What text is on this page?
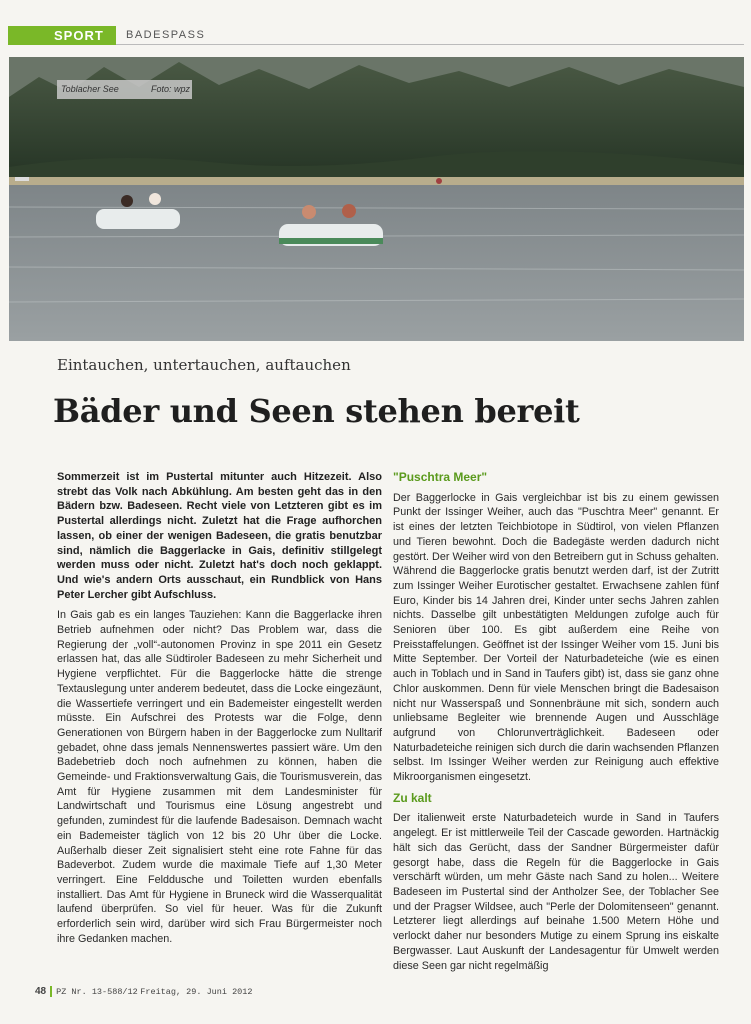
SPORT BADESPASS
Toblacher See	Foto: wpz
Eintauchen, untertauchen, auftauchen
Bäder und Seen stehen bereit

Sommerzeit ist im Pustertal mitunter auch Hitzezeit. Also strebt das Volk nach Abkühlung. Am besten geht das in den Bädern bzw. Badeseen. Recht viele von Letzteren gibt es im Pustertal allerdings nicht. Zuletzt hat die Frage aufhorchen lassen, ob einer der wenigen Badeseen, die gratis benutzbar sind, nämlich die Baggerlacke in Gais, definitiv stillgelegt werden muss oder nicht. Zuletzt hat's doch noch geklappt. Und wie's andern Orts ausschaut, ein Rundblick von Hans Peter Lercher gibt Aufschluss.

In Gais gab es ein langes Tauziehen: Kann die Baggerlacke ihren Betrieb aufnehmen oder nicht? Das Problem war, dass die Regierung der „voll“-autonomen Provinz in spe 2011 ein Gesetz erlassen hat, das alle Südtiroler Badeseen zu mehr Sicherheit und Hygiene verpflichtet. Für die Baggerlocke hätte die strenge Textauslegung unter anderem bedeutet, dass die Locke eingezäunt, die Wassertiefe verringert und ein Bademeister eingestellt werden müsste. Ein Aufschrei des Protests war die Folge, denn Generationen von Bürgern haben in der Baggerlocke zum Nulltarif gebadet, ohne dass jemals Nennenswertes passiert wäre. Um den Badebetrieb doch noch aufnehmen zu können, haben die Gemeinde- und Fraktionsverwaltung Gais, die Tourismusverein, das Amt für Hygiene zusammen mit dem Landesminister für Landwirtschaft und Tourismus eine Lösung angestrebt und gefunden, zumindest für die laufende Badesaison. Demnach wacht ein Bademeister täglich von 12 bis 20 Uhr über die Locke. Außerhalb dieser Zeit signalisiert steht eine rote Fahne für das Badeverbot. Zudem wurde die maximale Tiefe auf 1,30 Meter verringert. Eine Felddusche und Toiletten wurden ebenfalls installiert. Das Amt für Hygiene in Bruneck wird die Wasserqualität laufend überprüfen. So viel für heuer. Was für die Zukunft erforderlich sein wird, darüber wird sich Frau Bürgermeister noch ihre Gedanken machen.

"Puschtra Meer"

Der Baggerlocke in Gais vergleichbar ist bis zu einem gewissen Punkt der Issinger Weiher, auch das "Puschtra Meer" genannt. Er ist eines der letzten Teichbiotope in Südtirol, von vielen Pflanzen und Tieren bewohnt. Doch die Badegäste werden dadurch nicht gestört. Der Weiher wird von den Betreibern gut in Schuss gehalten. Während die Baggerlocke gratis benutzt werden darf, ist der Zutritt zum Issinger Weiher Eurotischer gestaltet. Erwachsene zahlen fünf Euro, Kinder bis 14 Jahren drei, Kinder unter sechs Jahren zahlen nichts. Dasselbe gilt unbestätigten Meldungen zufolge auch für Senioren über 100. Es gibt außerdem eine Reihe von Preisstaffelungen. Geöffnet ist der Issinger Weiher vom 15. Juni bis Mitte September. Der Vorteil der Naturbadeteiche (wie es einen auch in Toblach und in Sand in Taufers gibt) ist, dass sie ganz ohne Chlor auskommen. Denn für viele Menschen bringt die Badesaison nicht nur Wasserspaß und Sonnenbräune mit sich, sondern auch unliebsame Begleiter wie brennende Augen und Ausschläge aufgrund von Chlorunverträglichkeit. Badeseen oder Naturbadeteiche reinigen sich durch die darin wachsenden Pflanzen selbst. Im Issinger Weiher werden zur Reinigung auch effektive Mikroorganismen eingesetzt.

Zu kalt

Der italienweit erste Naturbadeteich wurde in Sand in Taufers angelegt. Er ist mittlerweile Teil der Cascade geworden. Hartnäckig hält sich das Gerücht, dass der Sandner Bürgermeister dafür gesorgt habe, dass die Regeln für die Baggerlocke in Gais verschärft würden, um mehr Gäste nach Sand zu holen... Weitere Badeseen im Pustertal sind der Antholzer See, der Toblacher See und der Pragser Wildsee, auch "Perle der Dolomitenseen" genannt. Letzterer liegt allerdings auf beinahe 1.500 Metern Höhe und verlockt daher nur besonders Mutige zu einem Sprung ins eiskalte Bergwasser. Laut Auskunft der Landesagentur für Umwelt werden diese Seen gar nicht regelmäßig

48 PZ Nr. 13-588/12 Freitag, 29. Juni 2012
